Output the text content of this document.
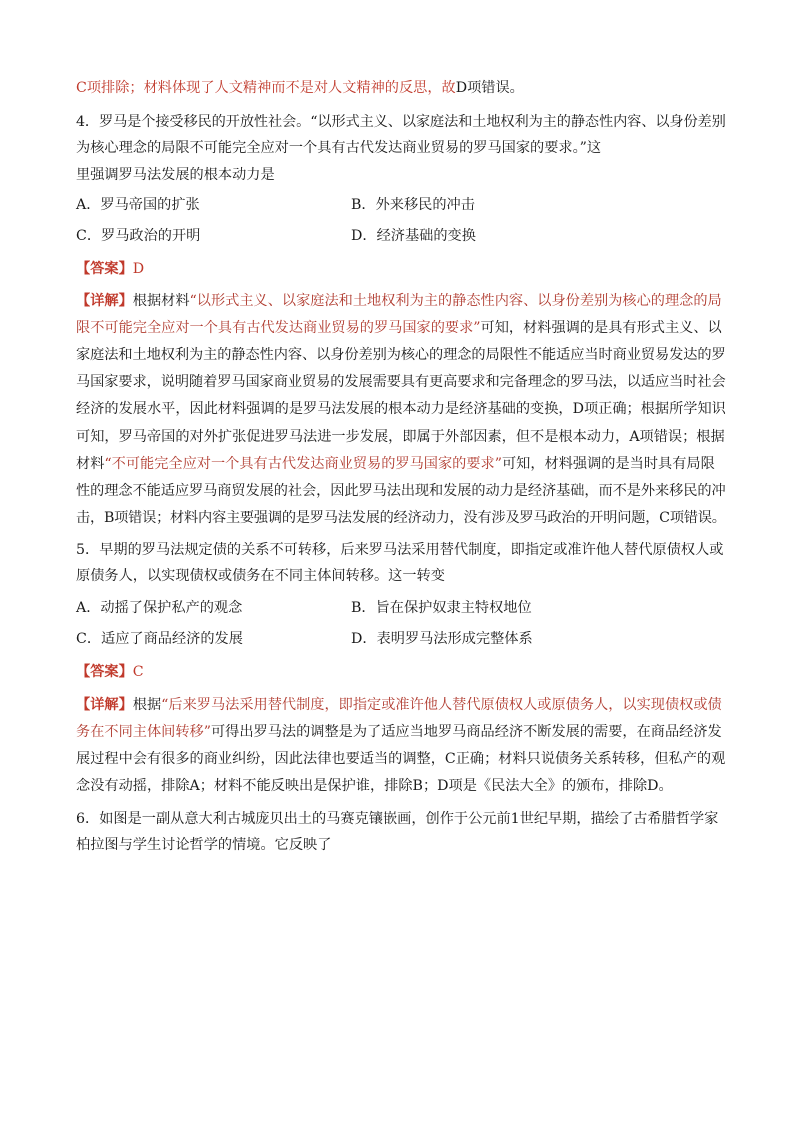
C项排除；材料体现了人文精神而不是对人文精神的反思，故D项错误。
4．罗马是个接受移民的开放性社会。“以形式主义、以家庭法和土地权利为主的静态性内容、以身份差别
为核心理念的局限不可能完全应对一个具有古代发达商业贸易的罗马国家的要求。”这
里强调罗马法发展的根本动力是
A．罗马帝国的扩张	B．外来移民的冲击
C．罗马政治的开明	D．经济基础的变换
【答案】D
【详解】根据材料“以形式主义、以家庭法和土地权利为主的静态性内容、以身份差别为核心的理念的局
限不可能完全应对一个具有古代发达商业贸易的罗马国家的要求”可知，材料强调的是具有形式主义、以
家庭法和土地权利为主的静态性内容、以身份差别为核心的理念的局限性不能适应当时商业贸易发达的罗
马国家要求，说明随着罗马国家商业贸易的发展需要具有更高要求和完备理念的罗马法，以适应当时社会
经济的发展水平，因此材料强调的是罗马法发展的根本动力是经济基础的变换，D项正确；根据所学知识
可知，罗马帝国的对外扩张促进罗马法进一步发展，即属于外部因素，但不是根本动力，A项错误；根据
材料“不可能完全应对一个具有古代发达商业贸易的罗马国家的要求”可知，材料强调的是当时具有局限
性的理念不能适应罗马商贸发展的社会，因此罗马法出现和发展的动力是经济基础，而不是外来移民的冲
击，B项错误；材料内容主要强调的是罗马法发展的经济动力，没有涉及罗马政治的开明问题，C项错误。
5．早期的罗马法规定债的关系不可转移，后来罗马法采用替代制度，即指定或准许他人替代原债权人或
原债务人，以实现债权或债务在不同主体间转移。这一转变
A．动摇了保护私产的观念	B．旨在保护奴隶主特权地位
C．适应了商品经济的发展	D．表明罗马法形成完整体系
【答案】C
【详解】根据“后来罗马法采用替代制度，即指定或准许他人替代原债权人或原债务人，以实现债权或债
务在不同主体间转移”可得出罗马法的调整是为了适应当地罗马商品经济不断发展的需要，在商品经济发
展过程中会有很多的商业纠纷，因此法律也要适当的调整，C正确；材料只说债务关系转移，但私产的观
念没有动摇，排除A；材料不能反映出是保护谁，排除B；D项是《民法大全》的颁布，排除D。
6．如图是一副从意大利古城庞贝出土的马赛克镶嵌画，创作于公元前1世纪早期，描绘了古希腊哲学家
柏拉图与学生讨论哲学的情境。它反映了
